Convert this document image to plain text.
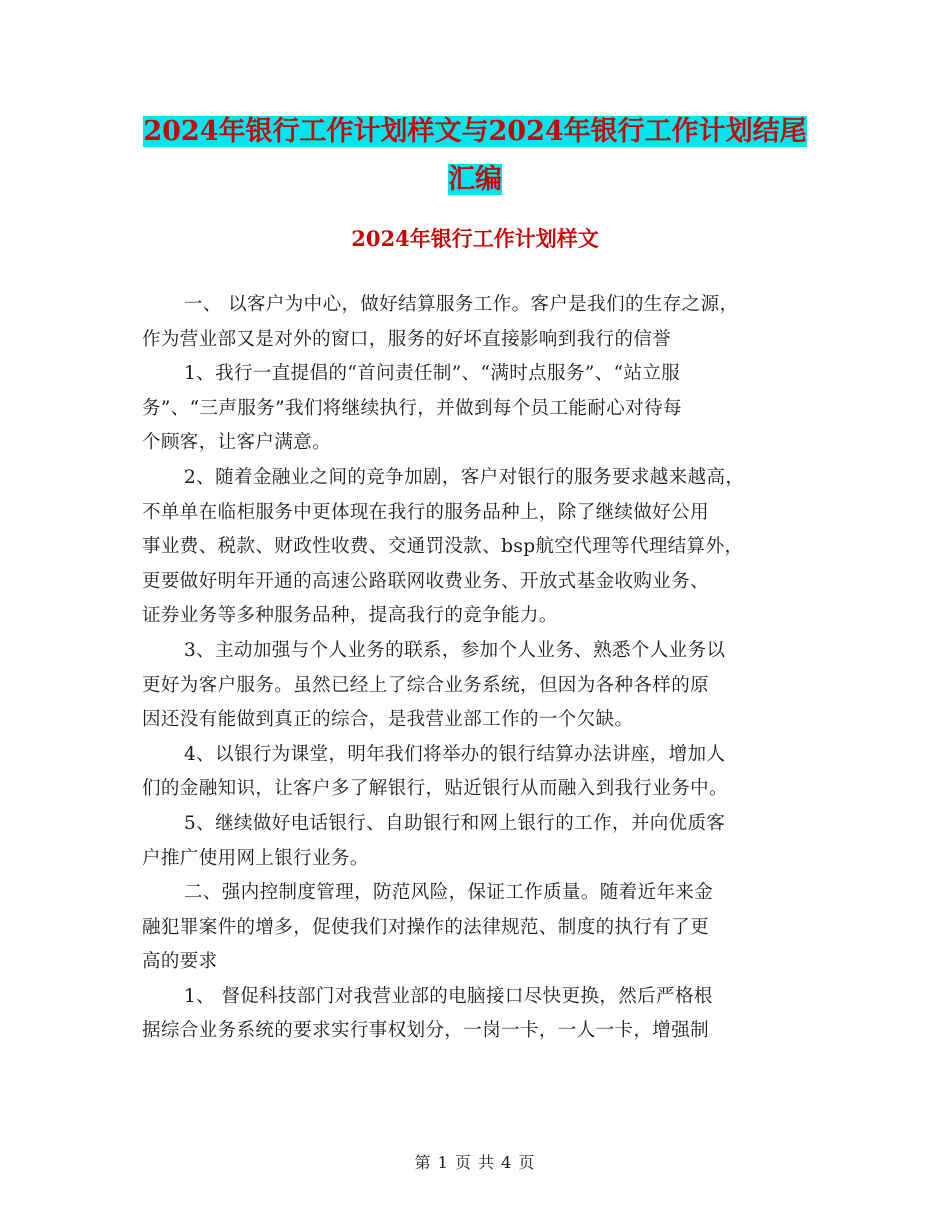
2024年银行工作计划样文与2024年银行工作计划结尾
汇编
2024年银行工作计划样文
一、 以客户为中心，做好结算服务工作。客户是我们的生存之源，
作为营业部又是对外的窗口，服务的好坏直接影响到我行的信誉
1、我行一直提倡的“首问责任制”、“满时点服务”、“站立服
务”、“三声服务”我们将继续执行，并做到每个员工能耐心对待每
个顾客，让客户满意。
2、随着金融业之间的竞争加剧，客户对银行的服务要求越来越高，
不单单在临柜服务中更体现在我行的服务品种上，除了继续做好公用
事业费、税款、财政性收费、交通罚没款、bsp航空代理等代理结算外，
更要做好明年开通的高速公路联网收费业务、开放式基金收购业务、
证券业务等多种服务品种，提高我行的竞争能力。
3、主动加强与个人业务的联系，参加个人业务、熟悉个人业务以
更好为客户服务。虽然已经上了综合业务系统，但因为各种各样的原
因还没有能做到真正的综合，是我营业部工作的一个欠缺。
4、以银行为课堂，明年我们将举办的银行结算办法讲座，增加人
们的金融知识，让客户多了解银行，贴近银行从而融入到我行业务中。
5、继续做好电话银行、自助银行和网上银行的工作，并向优质客
户推广使用网上银行业务。
二、强内控制度管理，防范风险，保证工作质量。随着近年来金
融犯罪案件的增多，促使我们对操作的法律规范、制度的执行有了更
高的要求
1、 督促科技部门对我营业部的电脑接口尽快更换，然后严格根
据综合业务系统的要求实行事权划分，一岗一卡，一人一卡，增强制
第 1 页 共 4 页
